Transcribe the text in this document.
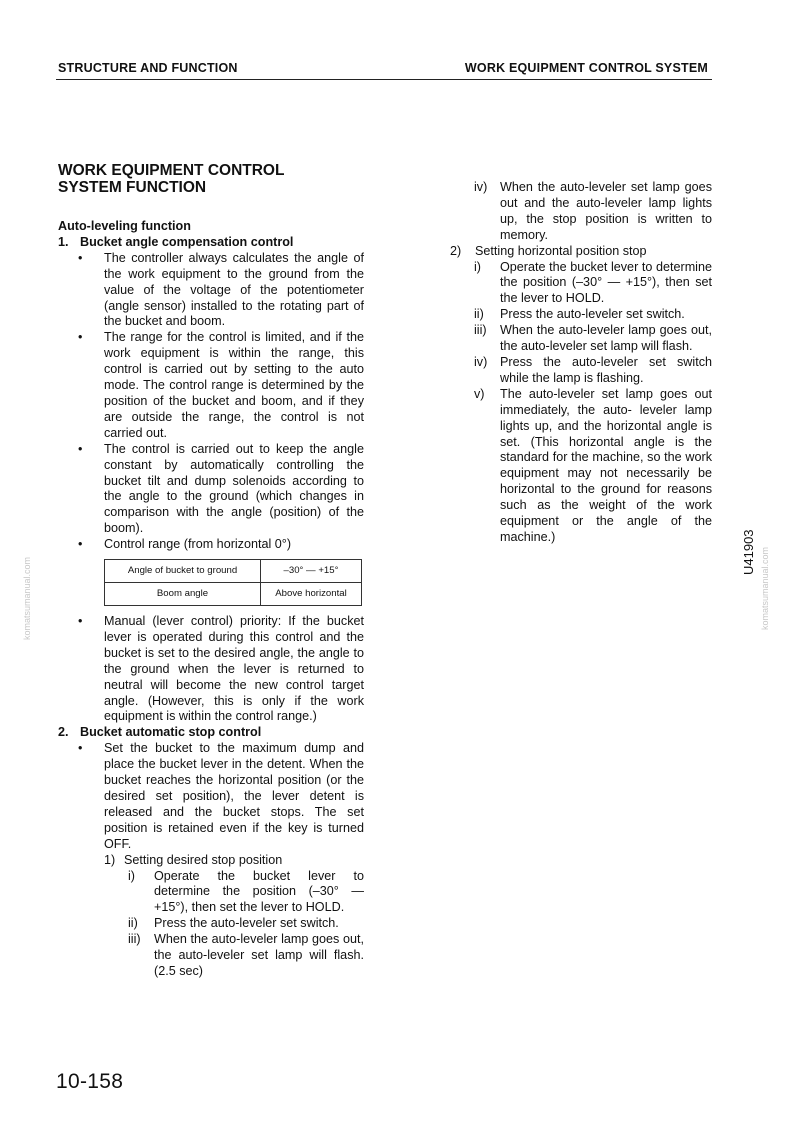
STRUCTURE AND FUNCTION	WORK EQUIPMENT CONTROL SYSTEM
WORK EQUIPMENT CONTROL
SYSTEM FUNCTION
Auto-leveling function
1. Bucket angle compensation control
• The controller always calculates the angle of the work equipment to the ground from the value of the voltage of the potentiometer (angle sensor) installed to the rotating part of the bucket and boom.
• The range for the control is limited, and if the work equipment is within the range, this control is carried out by setting to the auto mode. The control range is determined by the position of the bucket and boom, and if they are outside the range, the control is not carried out.
• The control is carried out to keep the angle constant by automatically controlling the bucket tilt and dump solenoids according to the angle to the ground (which changes in comparison with the angle (position) of the boom).
• Control range (from horizontal 0°)
Angle of bucket to ground	–30° — +15°
Boom angle	Above horizontal
• Manual (lever control) priority: If the bucket lever is operated during this control and the bucket is set to the desired angle, the angle to the ground when the lever is returned to neutral will become the new control target angle. (However, this is only if the work equipment is within the control range.)
2. Bucket automatic stop control
• Set the bucket to the maximum dump and place the bucket lever in the detent. When the bucket reaches the horizontal position (or the desired set position), the lever detent is released and the bucket stops. The set position is retained even if the key is turned OFF.
1) Setting desired stop position
i) Operate the bucket lever to determine the position (–30° — +15°), then set the lever to HOLD.
ii) Press the auto-leveler set switch.
iii) When the auto-leveler lamp goes out, the auto-leveler set lamp will flash. (2.5 sec)
iv) When the auto-leveler set lamp goes out and the auto-leveler lamp lights up, the stop position is written to memory.
2) Setting horizontal position stop
i) Operate the bucket lever to determine the position (–30° — +15°), then set the lever to HOLD.
ii) Press the auto-leveler set switch.
iii) When the auto-leveler lamp goes out, the auto-leveler set lamp will flash.
iv) Press the auto-leveler set switch while the lamp is flashing.
v) The auto-leveler set lamp goes out immediately, the auto- leveler lamp lights up, and the horizontal angle is set. (This horizontal angle is the standard for the machine, so the work equipment may not necessarily be horizontal to the ground for reasons such as the weight of the work equipment or the angle of the machine.)	U41903
komatsumanual.com	komatsumanual.com
10-158
